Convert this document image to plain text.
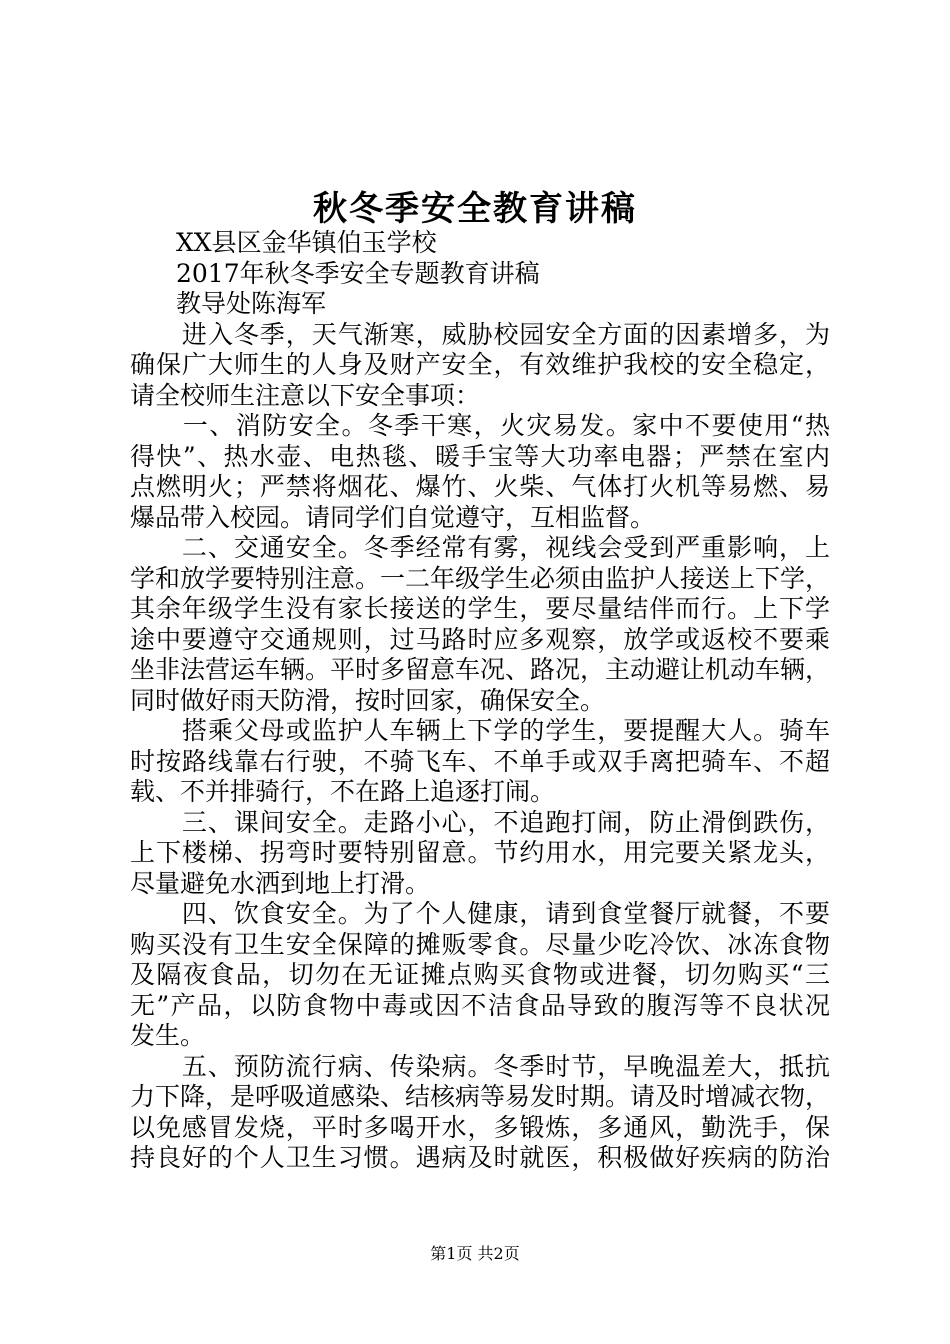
秋冬季安全教育讲稿
XX县区金华镇伯玉学校
2017年秋冬季安全专题教育讲稿
教导处陈海军
　　进入冬季，天气渐寒，威胁校园安全方面的因素增多，为
确保广大师生的人身及财产安全，有效维护我校的安全稳定，
请全校师生注意以下安全事项：
　　一、消防安全。冬季干寒，火灾易发。家中不要使用“热
得快”、热水壶、电热毯、暖手宝等大功率电器；严禁在室内
点燃明火；严禁将烟花、爆竹、火柴、气体打火机等易燃、易
爆品带入校园。请同学们自觉遵守，互相监督。
　　二、交通安全。冬季经常有雾，视线会受到严重影响，上
学和放学要特别注意。一二年级学生必须由监护人接送上下学，
其余年级学生没有家长接送的学生，要尽量结伴而行。上下学
途中要遵守交通规则，过马路时应多观察，放学或返校不要乘
坐非法营运车辆。平时多留意车况、路况，主动避让机动车辆，
同时做好雨天防滑，按时回家，确保安全。
　　搭乘父母或监护人车辆上下学的学生，要提醒大人。骑车
时按路线靠右行驶，不骑飞车、不单手或双手离把骑车、不超
载、不并排骑行，不在路上追逐打闹。
　　三、课间安全。走路小心，不追跑打闹，防止滑倒跌伤，
上下楼梯、拐弯时要特别留意。节约用水，用完要关紧龙头，
尽量避免水洒到地上打滑。
　　四、饮食安全。为了个人健康，请到食堂餐厅就餐，不要
购买没有卫生安全保障的摊贩零食。尽量少吃冷饮、冰冻食物
及隔夜食品，切勿在无证摊点购买食物或进餐，切勿购买“三
无”产品，以防食物中毒或因不洁食品导致的腹泻等不良状况
发生。
　　五、预防流行病、传染病。冬季时节，早晚温差大，抵抗
力下降，是呼吸道感染、结核病等易发时期。请及时增减衣物，
以免感冒发烧，平时多喝开水，多锻炼，多通风，勤洗手，保
持良好的个人卫生习惯。遇病及时就医，积极做好疾病的防治
第1页 共2页
